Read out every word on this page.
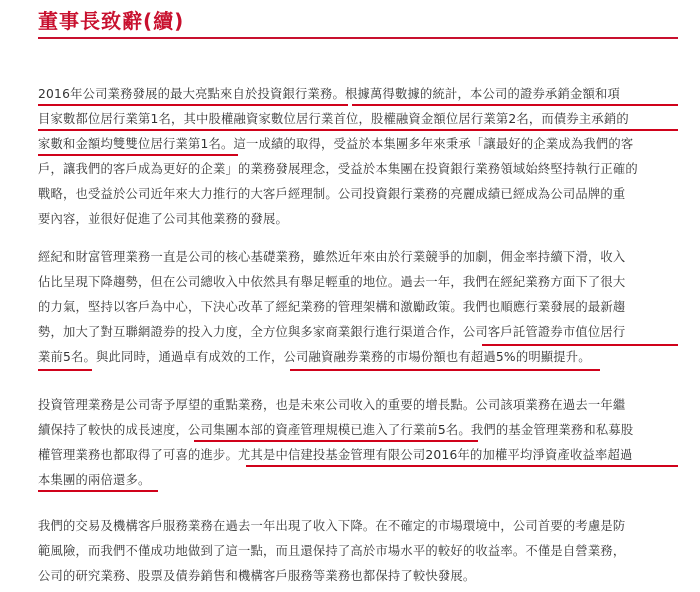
董事長致辭(續)
2016年公司業務發展的最大亮點來自於投資銀行業務。根據萬得數據的統計，本公司的證券承銷金額和項
目家數都位居行業第1名，其中股權融資家數位居行業首位，股權融資金額位居行業第2名，而債券主承銷的
家數和金額均雙雙位居行業第1名。這一成績的取得，受益於本集團多年來秉承「讓最好的企業成為我們的客
戶，讓我們的客戶成為更好的企業」的業務發展理念，受益於本集團在投資銀行業務領域始終堅持執行正確的
戰略，也受益於公司近年來大力推行的大客戶經理制。公司投資銀行業務的亮麗成績已經成為公司品牌的重
要內容，並很好促進了公司其他業務的發展。
經紀和財富管理業務一直是公司的核心基礎業務，雖然近年來由於行業競爭的加劇，佣金率持續下滑，收入
佔比呈現下降趨勢，但在公司總收入中依然具有舉足輕重的地位。過去一年，我們在經紀業務方面下了很大
的力氣，堅持以客戶為中心，下決心改革了經紀業務的管理架構和激勵政策。我們也順應行業發展的最新趨
勢，加大了對互聯網證券的投入力度，全方位與多家商業銀行進行渠道合作，公司客戶託管證券市值位居行
業前5名。與此同時，通過卓有成效的工作，公司融資融券業務的市場份額也有超過5%的明顯提升。
投資管理業務是公司寄予厚望的重點業務，也是未來公司收入的重要的增長點。公司該項業務在過去一年繼
續保持了較快的成長速度，公司集團本部的資產管理規模已進入了行業前5名。我們的基金管理業務和私募股
權管理業務也都取得了可喜的進步。尤其是中信建投基金管理有限公司2016年的加權平均淨資產收益率超過
本集團的兩倍還多。
我們的交易及機構客戶服務業務在過去一年出現了收入下降。在不確定的市場環境中，公司首要的考慮是防
範風險，而我們不僅成功地做到了這一點，而且還保持了高於市場水平的較好的收益率。不僅是自營業務，
公司的研究業務、股票及債券銷售和機構客戶服務等業務也都保持了較快發展。
